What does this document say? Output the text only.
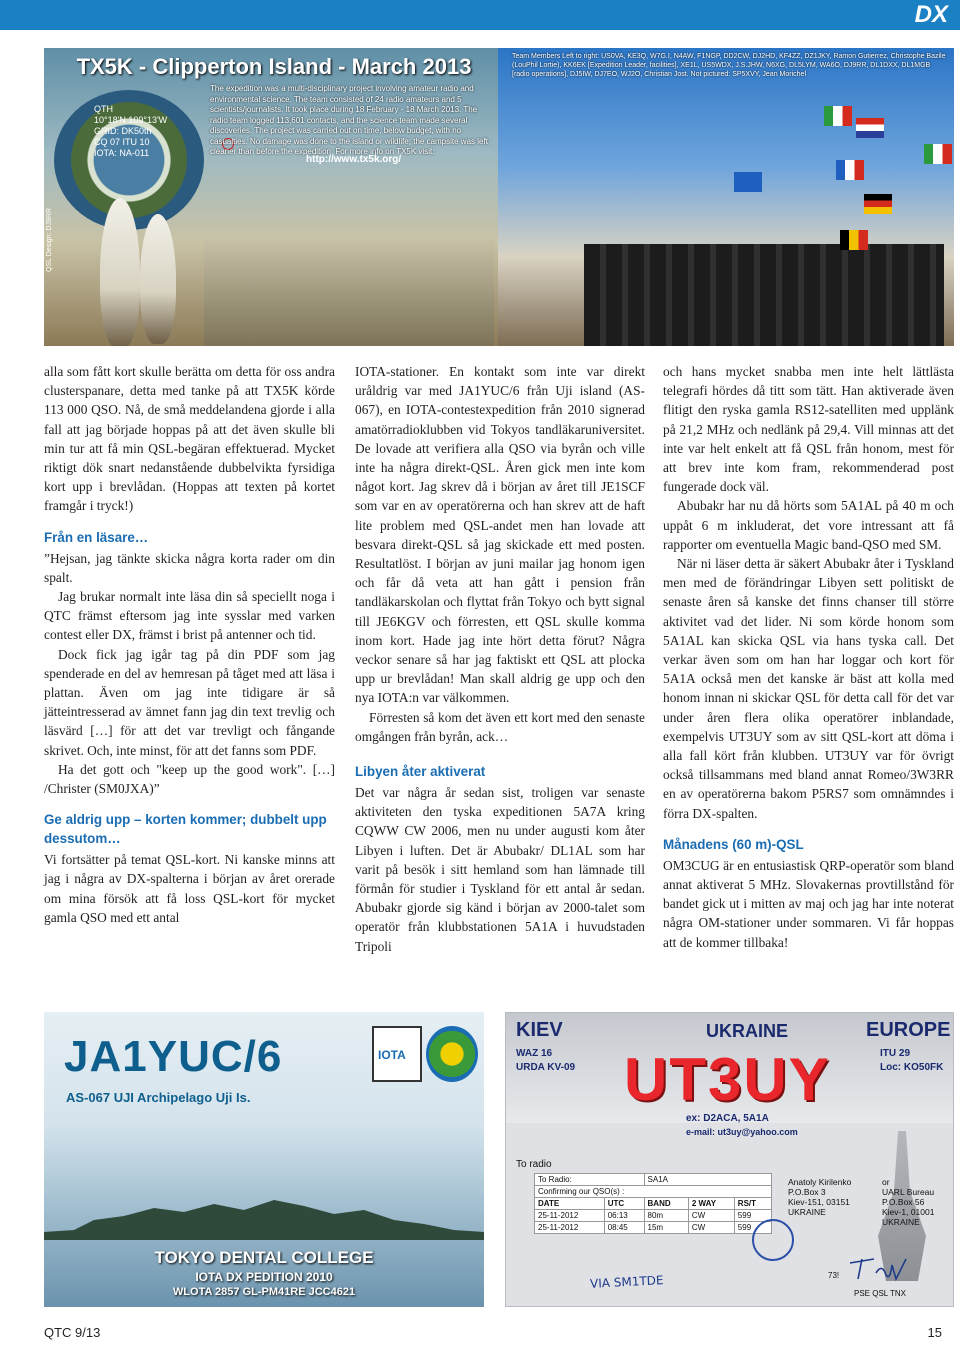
DX
TX5K - Clipperton Island - March 2013
QTH
10°18'N 109°13'W
GRID: DK50th
CQ 07 ITU 10
IOTA: NA-011
The expedition was a multi-disciplinary project involving amateur radio and environmental science. The team consisted of 24 radio amateurs and 5 scientists/journalists. It took place during 18 February - 18 March 2013. The radio team logged 113,601 contacts, and the science team made several discoveries. The project was carried out on time, below budget, with no casualties. No damage was done to the island or wildlife; the campsite was left cleaner than before the expedition. For more info on TX5K visit:
http://www.tx5k.org/
Team Members Left to right: US0VA, KE3Q, W7G.I, N4AW, F1NGP, DD2CW, DJ2HD, KF4ZZ, DZ1JKY, Ramon Gutierrez, Christophe Bazile (LouPhil Lortie), KK6EK [Expedition Leader, facilities], XE1L, US5WDX, J.S.JHW, N6XG, DL5LYM, WA6O, DJ9RR, DL1DXX, DL1MGB [radio operations], DJ5IW, DJ7EO, WJ2O, Christian Jost. Not pictured: SP5XVY, Jean Morichel
QSL Design: DJ9RR

alla som fått kort skulle berätta om detta för oss andra clusterspanare, detta med tanke på att TX5K körde 113 000 QSO. Nå, de små meddelandena gjorde i alla fall att jag började hoppas på att det även skulle bli min tur att få min QSL-begäran effektuerad. Mycket riktigt dök snart nedanstående dubbelvikta fyrsidiga kort upp i brevlådan. (Hoppas att texten på kortet framgår i tryck!)

Från en läsare…

”Hejsan, jag tänkte skicka några korta rader om din spalt.

Jag brukar normalt inte läsa din så speciellt noga i QTC främst eftersom jag inte sysslar med varken contest eller DX, främst i brist på antenner och tid.

Dock fick jag igår tag på din PDF som jag spenderade en del av hemresan på tåget med att läsa i plattan. Även om jag inte tidigare är så jätteintresserad av ämnet fann jag din text trevlig och läsvärd […] för att det var trevligt och fångande skrivet. Och, inte minst, för att det fanns som PDF.

Ha det gott och "keep up the good work". […] /Christer (SM0JXA)”

Ge aldrig upp – korten kommer; dubbelt upp dessutom…

Vi fortsätter på temat QSL-kort. Ni kanske minns att jag i några av DX-spalterna i början av året orerade om mina försök att få loss QSL-kort för mycket gamla QSO med ett antal

IOTA-stationer. En kontakt som inte var direkt uråldrig var med JA1YUC/6 från Uji island (AS-067), en IOTA-contestexpedition från 2010 signerad amatörradioklubben vid Tokyos tandläkaruniversitet. De lovade att verifiera alla QSO via byrån och ville inte ha några direkt-QSL. Åren gick men inte kom något kort. Jag skrev då i början av året till JE1SCF som var en av operatörerna och han skrev att de haft lite problem med QSL-andet men han lovade att besvara direkt-QSL så jag skickade ett med posten. Resultatlöst. I början av juni mailar jag honom igen och får då veta att han gått i pension från tandläkarskolan och flyttat från Tokyo och bytt signal till JE6KGV och förresten, ett QSL skulle komma inom kort. Hade jag inte hört detta förut? Några veckor senare så har jag faktiskt ett QSL att plocka upp ur brevlådan! Man skall aldrig ge upp och den nya IOTA:n var välkommen.

Förresten så kom det även ett kort med den senaste omgången från byrån, ack…

Libyen åter aktiverat

Det var några år sedan sist, troligen var senaste aktiviteten den tyska expeditionen 5A7A kring CQWW CW 2006, men nu under augusti kom åter Libyen i luften. Det är Abubakr/ DL1AL som har varit på besök i sitt hemland som han lämnade till förmån för studier i Tyskland för ett antal år sedan. Abubakr gjorde sig känd i början av 2000-talet som operatör från klubbstationen 5A1A i huvudstaden Tripoli

och hans mycket snabba men inte helt lättlästa telegrafi hördes då titt som tätt. Han aktiverade även flitigt den ryska gamla RS12-satelliten med upplänk på 21,2 MHz och nedlänk på 29,4. Vill minnas att det inte var helt enkelt att få QSL från honom, mest för att brev inte kom fram, rekommenderad post fungerade dock väl.

Abubakr har nu då hörts som 5A1AL på 40 m och uppåt 6 m inkluderat, det vore intressant att få rapporter om eventuella Magic band-QSO med SM.

När ni läser detta är säkert Abubakr åter i Tyskland men med de förändringar Libyen sett politiskt de senaste åren så kanske det finns chanser till större aktivitet vad det lider. Ni som körde honom som 5A1AL kan skicka QSL via hans tyska call. Det verkar även som om han har loggar och kort för 5A1A också men det kanske är bäst att kolla med honom innan ni skickar QSL för detta call för det var under åren flera olika operatörer inblandade, exempelvis UT3UY som av sitt QSL-kort att döma i alla fall kört från klubben. UT3UY var för övrigt också tillsammans med bland annat Romeo/3W3RR en av operatörerna bakom P5RS7 som omnämndes i förra DX-spalten.

Månadens (60 m)-QSL

OM3CUG är en entusiastisk QRP-operatör som bland annat aktiverat 5 MHz. Slovakernas provtillstånd för bandet gick ut i mitten av maj och jag har inte noterat några OM-stationer under sommaren. Vi får hoppas att de kommer tillbaka!

JA1YUC/6
AS-067 UJI Archipelago Uji Is.
IOTA
TOKYO DENTAL COLLEGE
IOTA DX PEDITION 2010
WLOTA 2857 GL-PM41RE JCC4621
KIEV	UKRAINE	EUROPE
WAZ 16
URDA KV-09
ITU 29
Loc: KO50FK
UT3UY
ex: D2ACA, 5A1A
e-mail: ut3uy@yahoo.com
To radio
To Radio:		SA1A		
Confirming our QSO(s) :				
DATE	UTC	BAND	2 WAY	RS/T
25-11-2012	06:13	80m	CW	599
25-11-2012	08:45	15m	CW	599
Anatoly Kirilenko
P.O.Box 3
Kiev-151, 03151
UKRAINE
or
UARL Bureau
P.O.Box 56
Kiev-1, 01001
UKRAINE
73!
VIA SM1TDE
PSE QSL TNX
QTC 9/13	15
